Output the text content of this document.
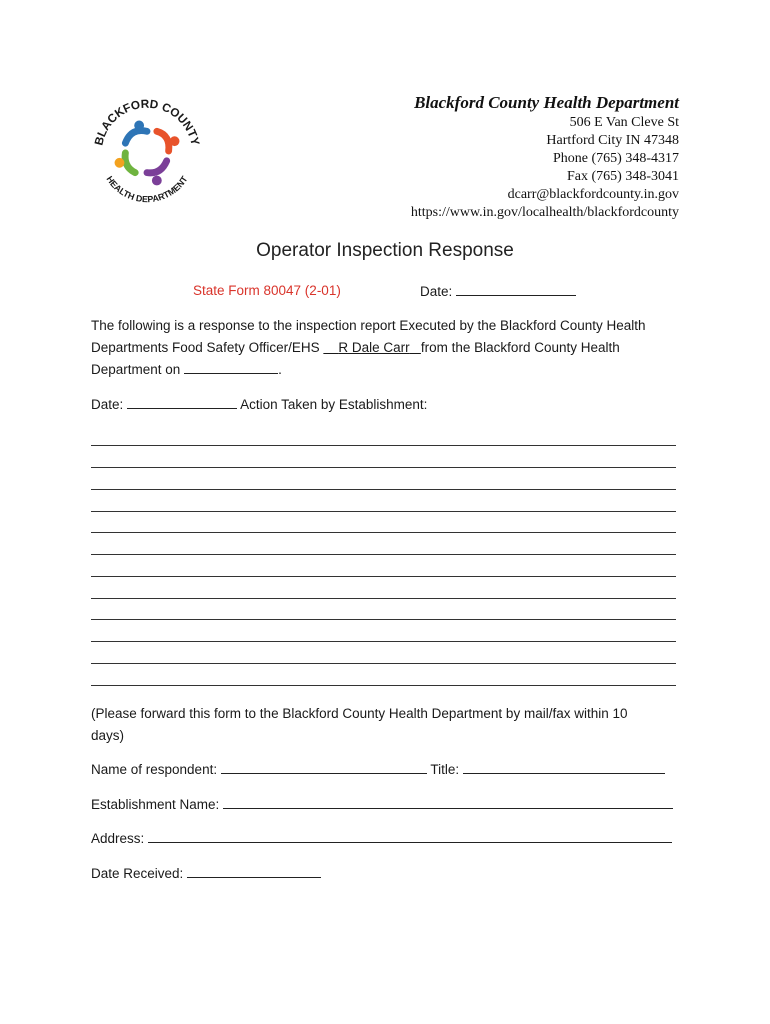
BLACKFORD COUNTY
HEALTH DEPARTMENT
Blackford County Health Department
506 E Van Cleve St
Hartford City IN 47348
Phone (765) 348-4317
Fax (765) 348-3041
dcarr@blackfordcounty.in.gov
https://www.in.gov/localhealth/blackfordcounty
Operator Inspection Response
State Form 80047 (2-01)	Date:
The following is a response to the inspection report Executed by the Blackford County Health
Departments Food Safety Officer/EHS     R Dale Carr from the Blackford County Health
Department on	.
Date:	Action Taken by Establishment:
(Please forward this form to the Blackford County Health Department by mail/fax within 10
days)
Name of respondent:	Title:
Establishment Name:
Address:
Date Received:
